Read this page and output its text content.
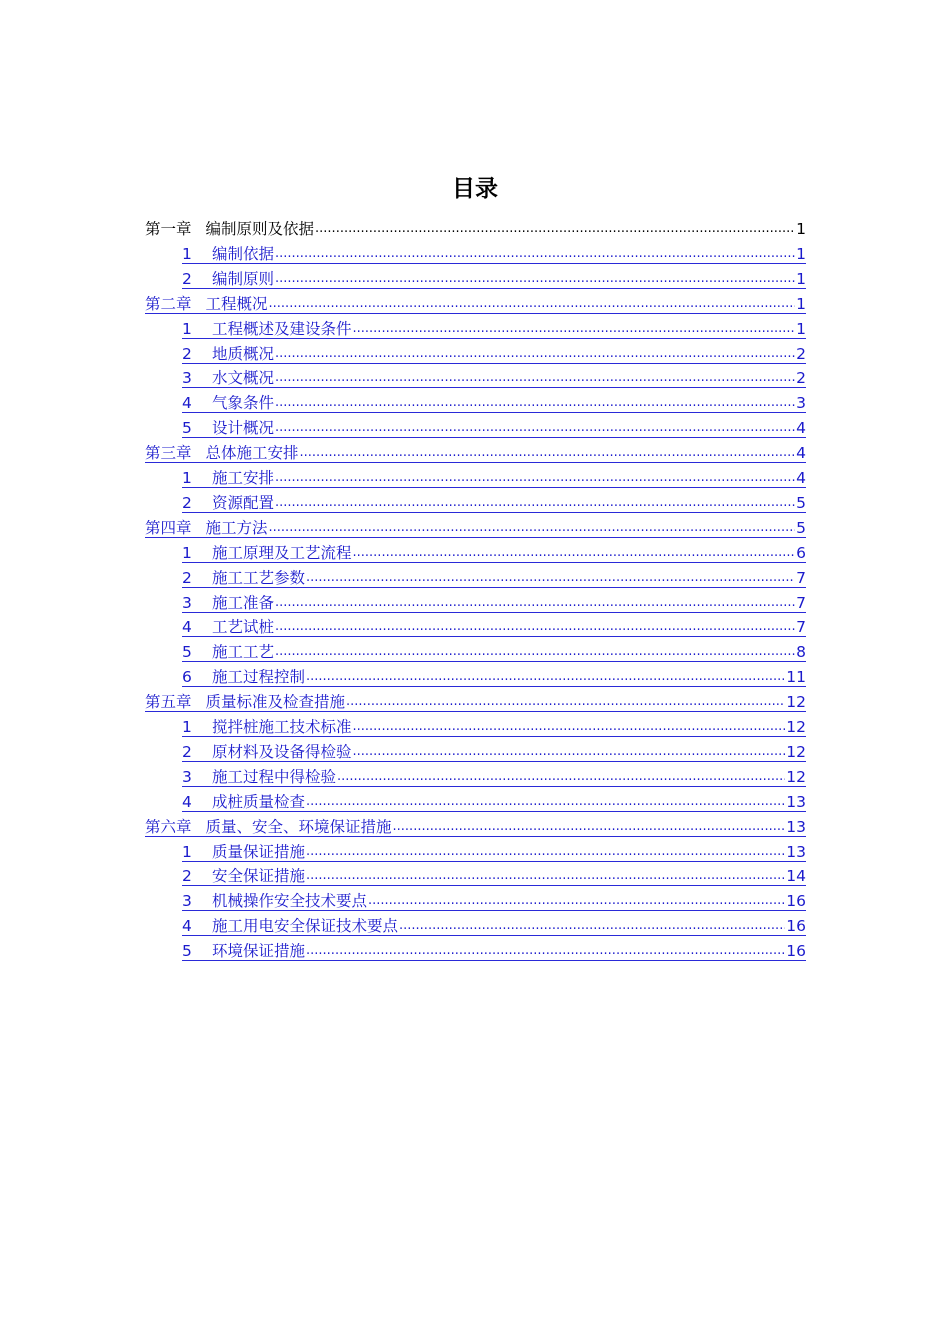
目录
第一章 编制原则及依据 .....	1
1	编制依据 .....	1
2	编制原则 .....	1
第二章 工程概况 .....	1
1	工程概述及建设条件 .....	1
2	地质概况 .....	2
3	水文概况 .....	2
4	气象条件 .....	3
5	设计概况 .....	4
第三章 总体施工安排 .....	4
1	施工安排 .....	4
2	资源配置 .....	5
第四章 施工方法 .....	5
1	施工原理及工艺流程 .....	6
2	施工工艺参数 .....	7
3	施工准备 .....	7
4	工艺试桩 .....	7
5	施工工艺 .....	8
6	施工过程控制 .....	11
第五章 质量标准及检查措施 .....	12
1	搅拌桩施工技术标准 .....	12
2	原材料及设备得检验 .....	12
3	施工过程中得检验 .....	12
4	成桩质量检查 .....	13
第六章 质量、安全、环境保证措施 .....	13
1	质量保证措施 .....	13
2	安全保证措施 .....	14
3	机械操作安全技术要点 .....	16
4	施工用电安全保证技术要点 .....	16
5	环境保证措施 .....	16
